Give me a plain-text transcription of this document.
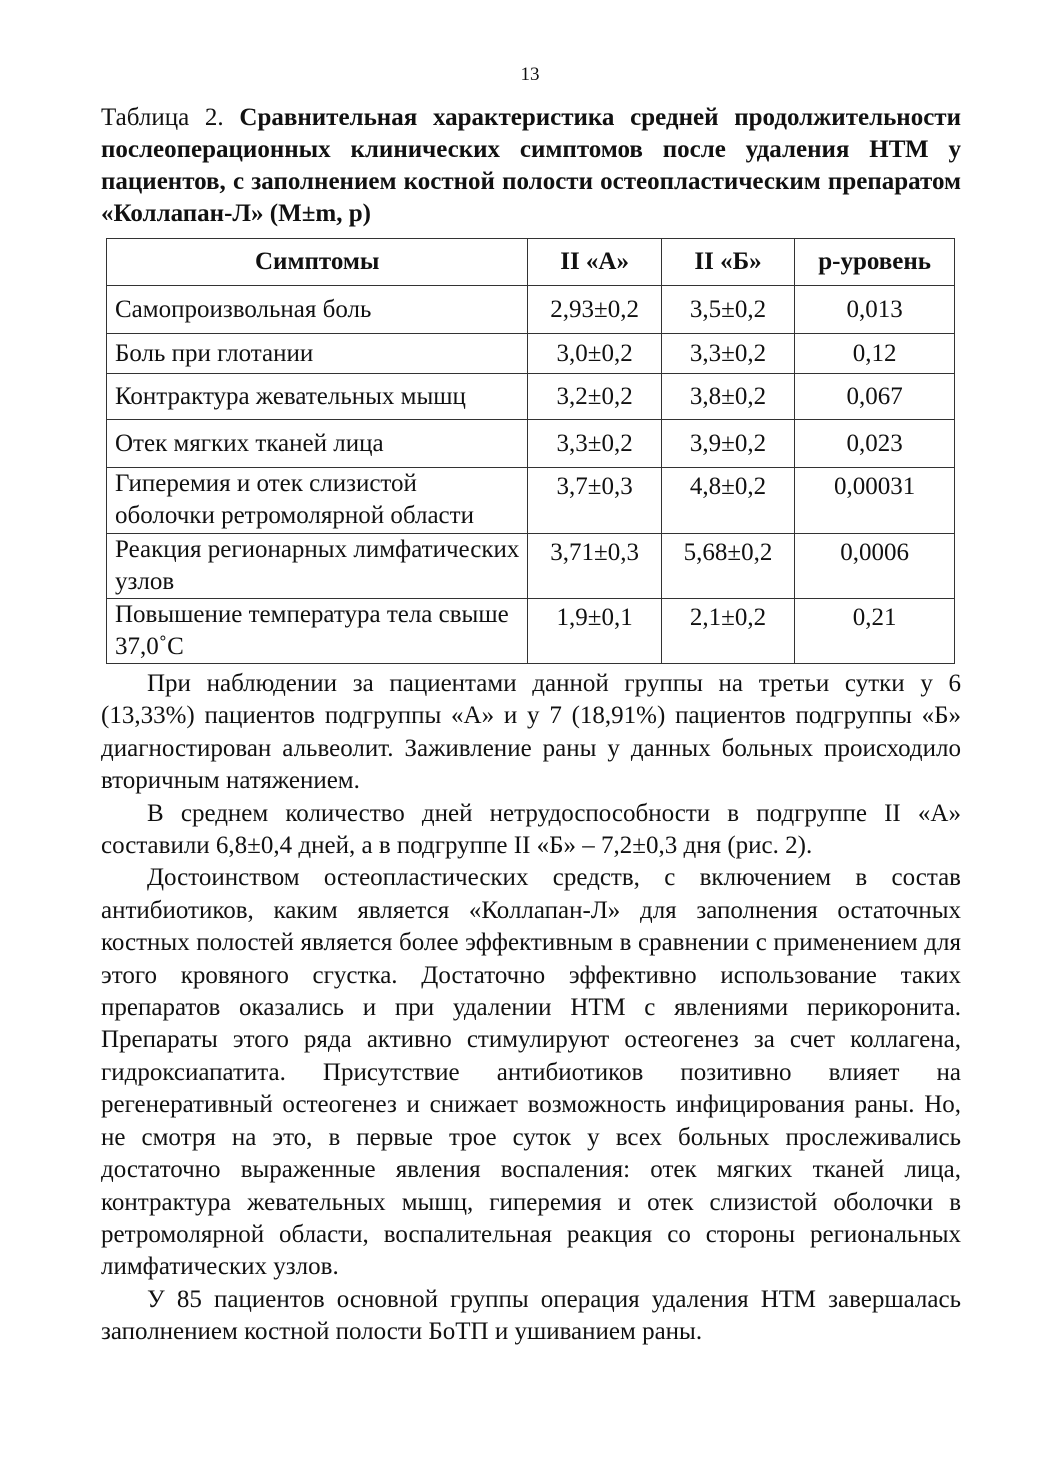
13
Таблица 2. Сравнительная характеристика средней продолжительности послеоперационных клинических симптомов после удаления НТМ у пациентов, с заполнением костной полости остеопластическим препаратом «Коллапан-Л» (M±m, p)
Симптомы	II «А»	II «Б»	p-уровень
Самопроизвольная боль	2,93±0,2	3,5±0,2	0,013
Боль при глотании	3,0±0,2	3,3±0,2	0,12
Контрактура жевательных мышц	3,2±0,2	3,8±0,2	0,067
Отек мягких тканей лица	3,3±0,2	3,9±0,2	0,023
Гиперемия и отек слизистой оболочки ретромолярной области	3,7±0,3	4,8±0,2	0,00031
Реакция регионарных лимфатических узлов	3,71±0,3	5,68±0,2	0,0006
Повышение температура тела свыше 37,0˚С	1,9±0,1	2,1±0,2	0,21

При наблюдении за пациентами данной группы на третьи сутки у 6 (13,33%) пациентов подгруппы «А» и у 7 (18,91%) пациентов подгруппы «Б» диагностирован альвеолит. Заживление раны у данных больных происходило вторичным натяжением.

В среднем количество дней нетрудоспособности в подгруппе II «А» составили 6,8±0,4 дней, а в подгруппе II «Б» – 7,2±0,3 дня (рис. 2).

Достоинством остеопластических средств, с включением в состав антибиотиков, каким является «Коллапан-Л» для заполнения остаточных костных полостей является более эффективным в сравнении с применением для этого кровяного сгустка. Достаточно эффективно использование таких препаратов оказались и при удалении НТМ с явлениями перикоронита. Препараты этого ряда активно стимулируют остеогенез за счет коллагена, гидроксиапатита. Присутствие антибиотиков позитивно влияет на регенеративный остеогенез и снижает возможность инфицирования раны. Но, не смотря на это, в первые трое суток у всех больных прослеживались достаточно выраженные явления воспаления: отек мягких тканей лица, контрактура жевательных мышц, гиперемия и отек слизистой оболочки в ретромолярной области, воспалительная реакция со стороны региональных лимфатических узлов.

У 85 пациентов основной группы операция удаления НТМ завершалась заполнением костной полости БоТП и ушиванием раны.
